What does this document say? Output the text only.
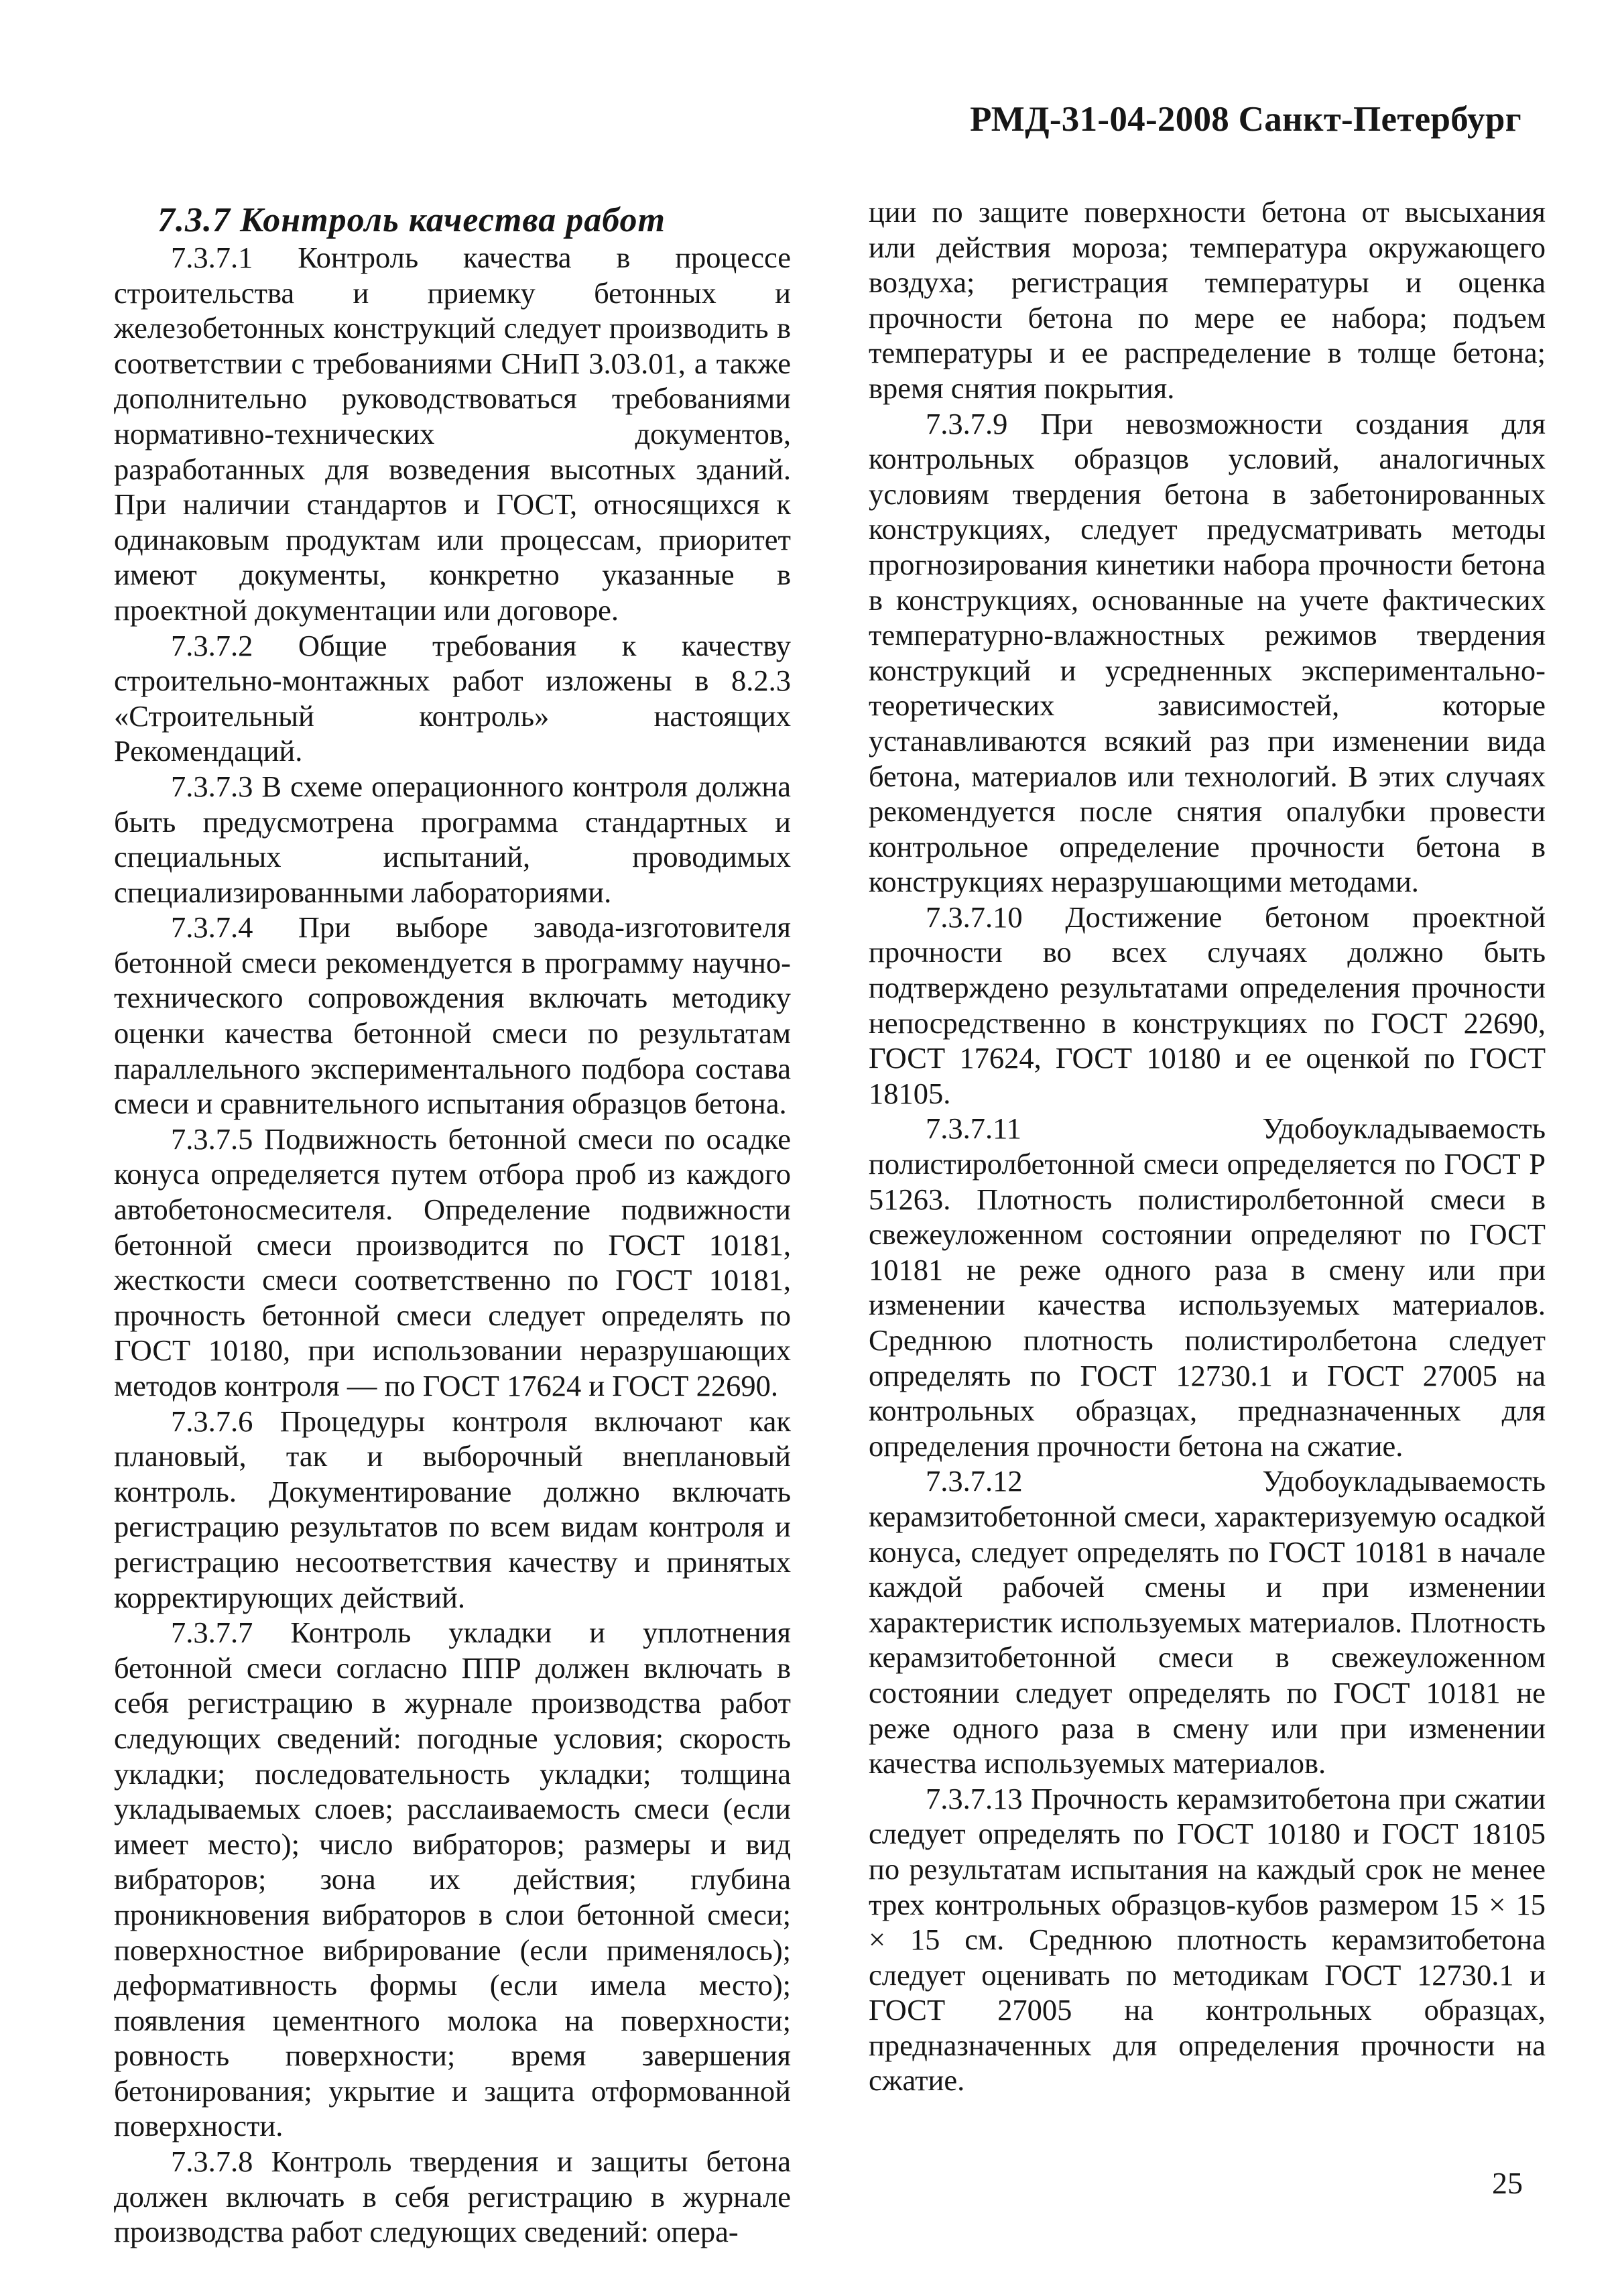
РМД-31-04-2008 Санкт-Петербург
7.3.7 Контроль качества работ

7.3.7.1 Контроль качества в процессе строительства и приемку бетонных и железобетонных конструкций следует производить в соответствии с требованиями СНиП 3.03.01, а также дополнительно руководствоваться требованиями нормативно-технических документов, разработанных для возведения высотных зданий. При наличии стандартов и ГОСТ, относящихся к одинаковым продуктам или процессам, приоритет имеют документы, конкретно указанные в проектной документации или договоре.

7.3.7.2 Общие требования к качеству строительно-монтажных работ изложены в 8.2.3 «Строительный контроль» настоящих Рекомендаций.

7.3.7.3 В схеме операционного контроля должна быть предусмотрена программа стандартных и специальных испытаний, проводимых специализированными лабораториями.

7.3.7.4 При выборе завода-изготовителя бетонной смеси рекомендуется в программу научно-технического сопровождения включать методику оценки качества бетонной смеси по результатам параллельного экспериментального подбора состава смеси и сравнительного испытания образцов бетона.

7.3.7.5 Подвижность бетонной смеси по осадке конуса определяется путем отбора проб из каждого автобетоносмесителя. Определение подвижности бетонной смеси производится по ГОСТ 10181, жесткости смеси соответственно по ГОСТ 10181, прочность бетонной смеси следует определять по ГОСТ 10180, при использовании неразрушающих методов контроля — по ГОСТ 17624 и ГОСТ 22690.

7.3.7.6 Процедуры контроля включают как плановый, так и выборочный внеплановый контроль. Документирование должно включать регистрацию результатов по всем видам контроля и регистрацию несоответствия качеству и принятых корректирующих действий.

7.3.7.7 Контроль укладки и уплотнения бетонной смеси согласно ППР должен включать в себя регистрацию в журнале производства работ следующих сведений: погодные условия; скорость укладки; последовательность укладки; толщина укладываемых слоев; расслаиваемость смеси (если имеет место); число вибраторов; размеры и вид вибраторов; зона их действия; глубина проникновения вибраторов в слои бетонной смеси; поверхностное вибрирование (если применялось); деформативность формы (если имела место); появления цементного молока на поверхности; ровность поверхности; время завершения бетонирования; укрытие и защита отформованной поверхности.

7.3.7.8 Контроль твердения и защиты бетона должен включать в себя регистрацию в журнале производства работ следующих сведений: опера-

ции по защите поверхности бетона от высыхания или действия мороза; температура окружающего воздуха; регистрация температуры и оценка прочности бетона по мере ее набора; подъем температуры и ее распределение в толще бетона; время снятия покрытия.

7.3.7.9 При невозможности создания для контрольных образцов условий, аналогичных условиям твердения бетона в забетонированных конструкциях, следует предусматривать методы прогнозирования кинетики набора прочности бетона в конструкциях, основанные на учете фактических температурно-влажностных режимов твердения конструкций и усредненных экспериментально-теоретических зависимостей, которые устанавливаются всякий раз при изменении вида бетона, материалов или технологий. В этих случаях рекомендуется после снятия опалубки провести контрольное определение прочности бетона в конструкциях неразрушающими методами.

7.3.7.10 Достижение бетоном проектной прочности во всех случаях должно быть подтверждено результатами определения прочности непосредственно в конструкциях по ГОСТ 22690, ГОСТ 17624, ГОСТ 10180 и ее оценкой по ГОСТ 18105.

7.3.7.11 Удобоукладываемость полистиролбетонной смеси определяется по ГОСТ Р 51263. Плотность полистиролбетонной смеси в свежеуложенном состоянии определяют по ГОСТ 10181 не реже одного раза в смену или при изменении качества используемых материалов. Среднюю плотность полистиролбетона следует определять по ГОСТ 12730.1 и ГОСТ 27005 на контрольных образцах, предназначенных для определения прочности бетона на сжатие.

7.3.7.12 Удобоукладываемость керамзитобетонной смеси, характеризуемую осадкой конуса, следует определять по ГОСТ 10181 в начале каждой рабочей смены и при изменении характеристик используемых материалов. Плотность керамзитобетонной смеси в свежеуложенном состоянии следует определять по ГОСТ 10181 не реже одного раза в смену или при изменении качества используемых материалов.

7.3.7.13 Прочность керамзитобетона при сжатии следует определять по ГОСТ 10180 и ГОСТ 18105 по результатам испытания на каждый срок не менее трех контрольных образцов-кубов размером 15 × 15 × 15 см. Среднюю плотность керамзитобетона следует оценивать по методикам ГОСТ 12730.1 и ГОСТ 27005 на контрольных образцах, предназначенных для определения прочности на сжатие.

25
